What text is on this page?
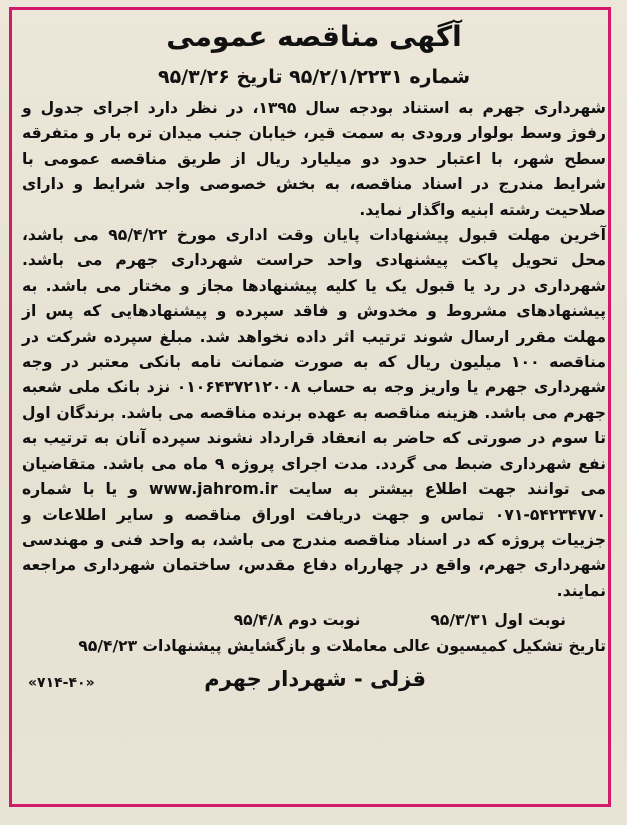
آگهی مناقصه عمومی
شماره ۹۵/۲/۱/۲۲۳۱ تاریخ ۹۵/۳/۲۶
شهرداری جهرم به استناد بودجه سال ۱۳۹۵، در نظر دارد اجرای جدول و رفوژ وسط بولوار ورودی به سمت قیر، خیابان جنب میدان تره بار و متفرقه سطح شهر، با اعتبار حدود دو میلیارد ریال از طریق مناقصه عمومی با شرایط مندرج در اسناد مناقصه، به بخش خصوصی واجد شرایط و دارای صلاحیت رشته ابنیه واگذار نماید.
آخرین مهلت قبول پیشنهادات پایان وقت اداری مورخ ۹۵/۴/۲۲ می باشد، محل تحویل پاکت پیشنهادی واحد حراست شهرداری جهرم می باشد. شهرداری در رد یا قبول یک یا کلیه پیشنهادها مجاز و مختار می باشد. به پیشنهادهای مشروط و مخدوش و فاقد سپرده و پیشنهادهایی که پس از مهلت مقرر ارسال شوند ترتیب اثر داده نخواهد شد. مبلغ سپرده شرکت در مناقصه ۱۰۰ میلیون ریال که به صورت ضمانت نامه بانکی معتبر در وجه شهرداری جهرم یا واریز وجه به حساب ۰۱۰۶۴۳۷۲۱۲۰۰۸ نزد بانک ملی شعبه جهرم می باشد. هزینه مناقصه به عهده برنده مناقصه می باشد. برندگان اول تا سوم در صورتی که حاضر به انعقاد قرارداد نشوند سپرده آنان به ترتیب به نفع شهرداری ضبط می گردد. مدت اجرای پروژه ۹ ماه می باشد. متقاضیان می توانند جهت اطلاع بیشتر به سایت www.jahrom.ir و یا با شماره ۵۴۲۳۴۷۷۰-۰۷۱ تماس و جهت دریافت اوراق مناقصه و سایر اطلاعات و جزییات پروژه که در اسناد مناقصه مندرج می باشد، به واحد فنی و مهندسی شهرداری جهرم، واقع در چهارراه دفاع مقدس، ساختمان شهرداری مراجعه نمایند.
نوبت اول ۹۵/۳/۳۱
نوبت دوم ۹۵/۴/۸
تاریخ تشکیل کمیسیون عالی معاملات و بازگشایش پیشنهادات ۹۵/۴/۲۳
قزلی - شهردار جهرم
«۷۱۴-۴۰»
